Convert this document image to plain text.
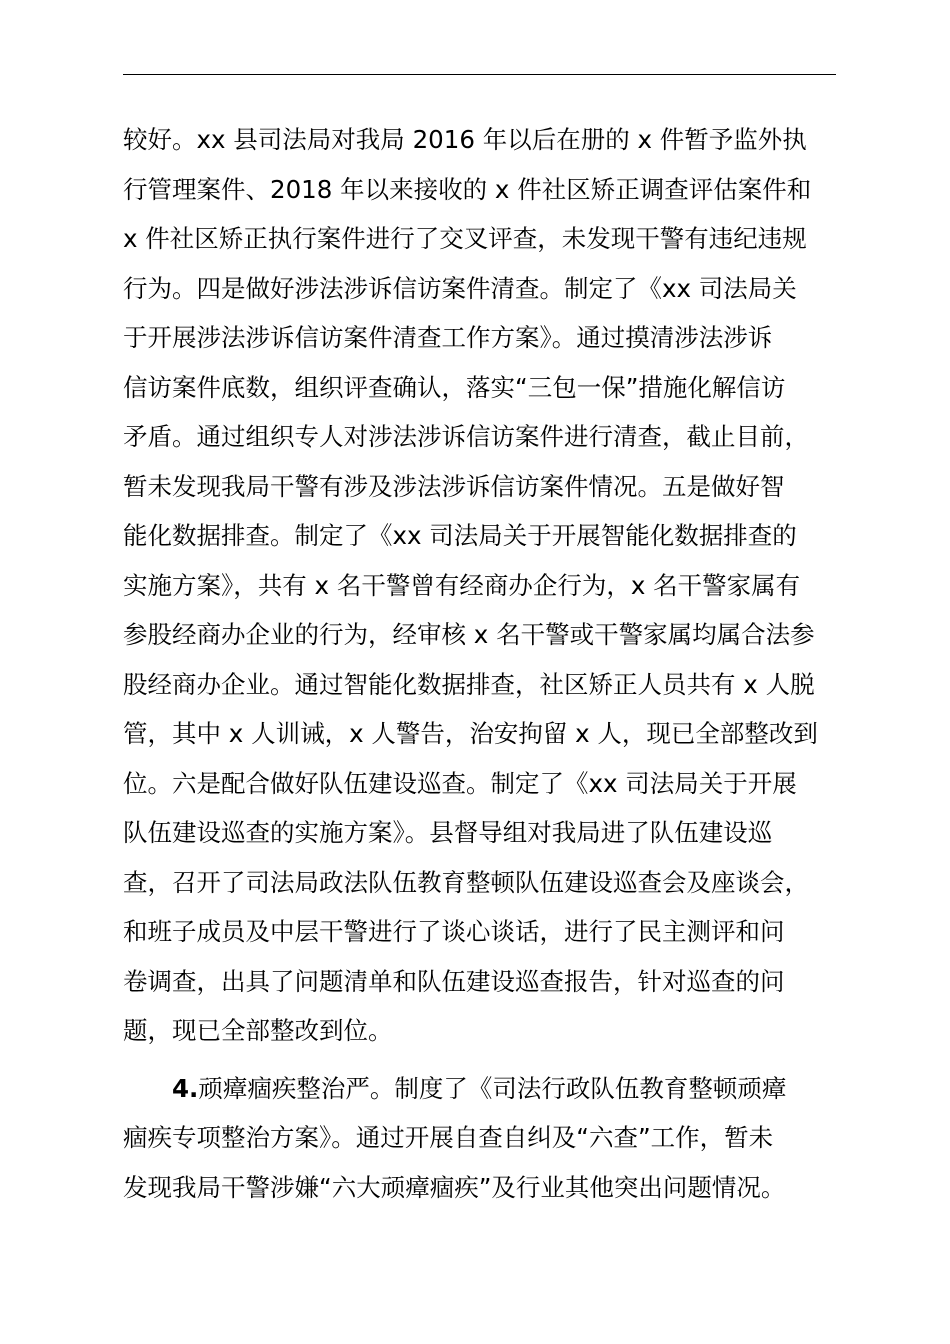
较好。xx 县司法局对我局 2016 年以后在册的 x 件暂予监外执
行管理案件、2018 年以来接收的 x 件社区矫正调查评估案件和
x 件社区矫正执行案件进行了交叉评查，未发现干警有违纪违规
行为。四是做好涉法涉诉信访案件清查。制定了《xx 司法局关
于开展涉法涉诉信访案件清查工作方案》。通过摸清涉法涉诉
信访案件底数，组织评查确认，落实“三包一保”措施化解信访
矛盾。通过组织专人对涉法涉诉信访案件进行清查，截止目前，
暂未发现我局干警有涉及涉法涉诉信访案件情况。五是做好智
能化数据排查。制定了《xx 司法局关于开展智能化数据排查的
实施方案》，共有 x 名干警曾有经商办企行为，x 名干警家属有
参股经商办企业的行为，经审核 x 名干警或干警家属均属合法参
股经商办企业。通过智能化数据排查，社区矫正人员共有 x 人脱
管，其中 x 人训诫，x 人警告，治安拘留 x 人，现已全部整改到
位。六是配合做好队伍建设巡查。制定了《xx 司法局关于开展
队伍建设巡查的实施方案》。县督导组对我局进了队伍建设巡
查，召开了司法局政法队伍教育整顿队伍建设巡查会及座谈会，
和班子成员及中层干警进行了谈心谈话，进行了民主测评和问
卷调查，出具了问题清单和队伍建设巡查报告，针对巡查的问
题，现已全部整改到位。
4.顽瘴痼疾整治严。制度了《司法行政队伍教育整顿顽瘴
痼疾专项整治方案》。通过开展自查自纠及“六查”工作，暂未
发现我局干警涉嫌“六大顽瘴痼疾”及行业其他突出问题情况。
